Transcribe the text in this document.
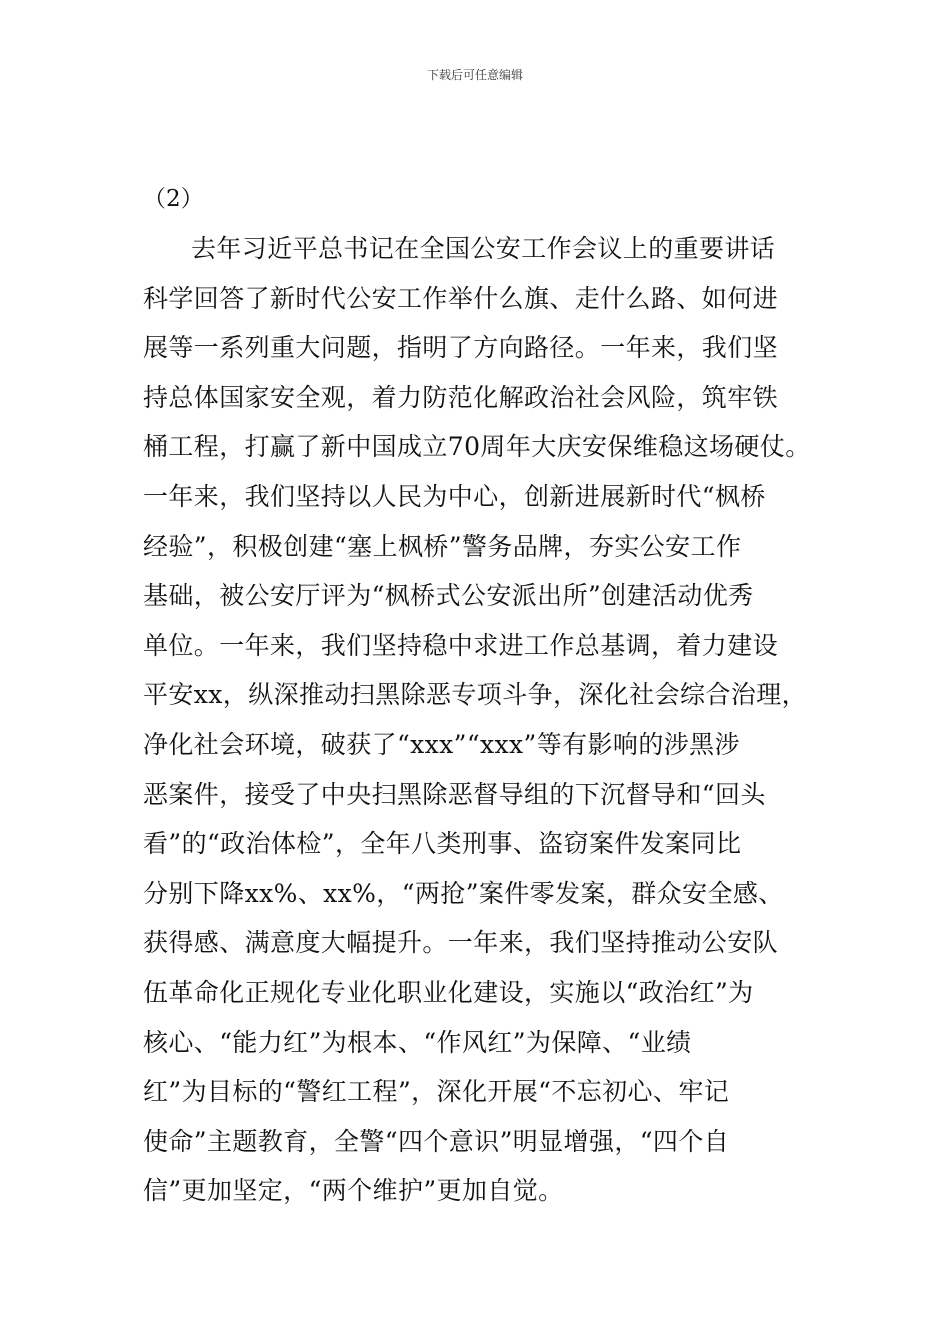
下载后可任意编辑
（2）
去年习近平总书记在全国公安工作会议上的重要讲话
科学回答了新时代公安工作举什么旗、走什么路、如何进
展等一系列重大问题，指明了方向路径。一年来，我们坚
持总体国家安全观，着力防范化解政治社会风险，筑牢铁
桶工程，打赢了新中国成立70周年大庆安保维稳这场硬仗。
一年来，我们坚持以人民为中心，创新进展新时代“枫桥
经验”，积极创建“塞上枫桥”警务品牌，夯实公安工作
基础，被公安厅评为“枫桥式公安派出所”创建活动优秀
单位。一年来，我们坚持稳中求进工作总基调，着力建设
平安xx，纵深推动扫黑除恶专项斗争，深化社会综合治理，
净化社会环境，破获了“xxx”“xxx”等有影响的涉黑涉
恶案件，接受了中央扫黑除恶督导组的下沉督导和“回头
看”的“政治体检”，全年八类刑事、盗窃案件发案同比
分别下降xx%、xx%，“两抢”案件零发案，群众安全感、
获得感、满意度大幅提升。一年来，我们坚持推动公安队
伍革命化正规化专业化职业化建设，实施以“政治红”为
核心、“能力红”为根本、“作风红”为保障、“业绩
红”为目标的“警红工程”，深化开展“不忘初心、牢记
使命”主题教育，全警“四个意识”明显增强，“四个自
信”更加坚定，“两个维护”更加自觉。
